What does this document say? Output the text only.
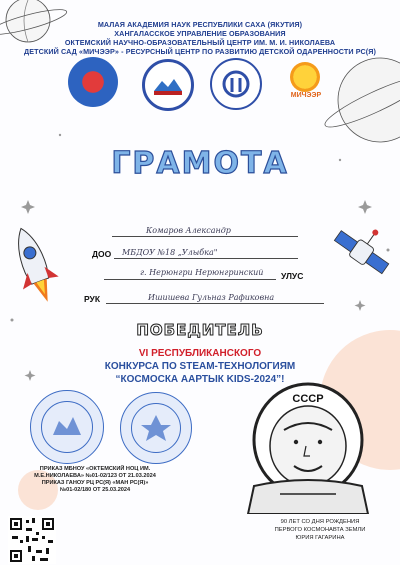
МАЛАЯ АКАДЕМИЯ НАУК РЕСПУБЛИКИ САХА (ЯКУТИЯ)
ХАНГАЛАССКОЕ УПРАВЛЕНИЕ ОБРАЗОВАНИЯ
ОКТЕМСКИЙ НАУЧНО-ОБРАЗОВАТЕЛЬНЫЙ ЦЕНТР ИМ. М. И. НИКОЛАЕВА
ДЕТСКИЙ САД «МИЧЭЭР» - РЕСУРСНЫЙ ЦЕНТР ПО РАЗВИТИЮ ДЕТСКОЙ ОДАРЕННОСТИ РС(Я)
МИЧЭЭР
ГРАМОТА
Комаров Александр
ДОО МБДОУ №18 „Улыбка"
г. Нерюнгри Нерюнгринский УЛУС
РУК	Ишишева Гульназ Рафиковна
ПОБЕДИТЕЛЬ
VI РЕСПУБЛИКАНСКОГО
КОНКУРСА ПО STEAM-ТЕХНОЛОГИЯМ
“КОСМОСКА ААРТЫК KIDS-2024”!
ПРИКАЗ МБНОУ «ОКТЕМСКИЙ НОЦ ИМ.
М.Е.НИКОЛАЕВА» №01-02/123 ОТ 21.03.2024
ПРИКАЗ ГАНОУ РЦ РС(Я) «МАН РС(Я)»
№01-02/180 ОТ 25.03.2024
СССР
90 ЛЕТ СО ДНЯ РОЖДЕНИЯ
ПЕРВОГО КОСМОНАВТА ЗЕМЛИ
ЮРИЯ ГАГАРИНА
